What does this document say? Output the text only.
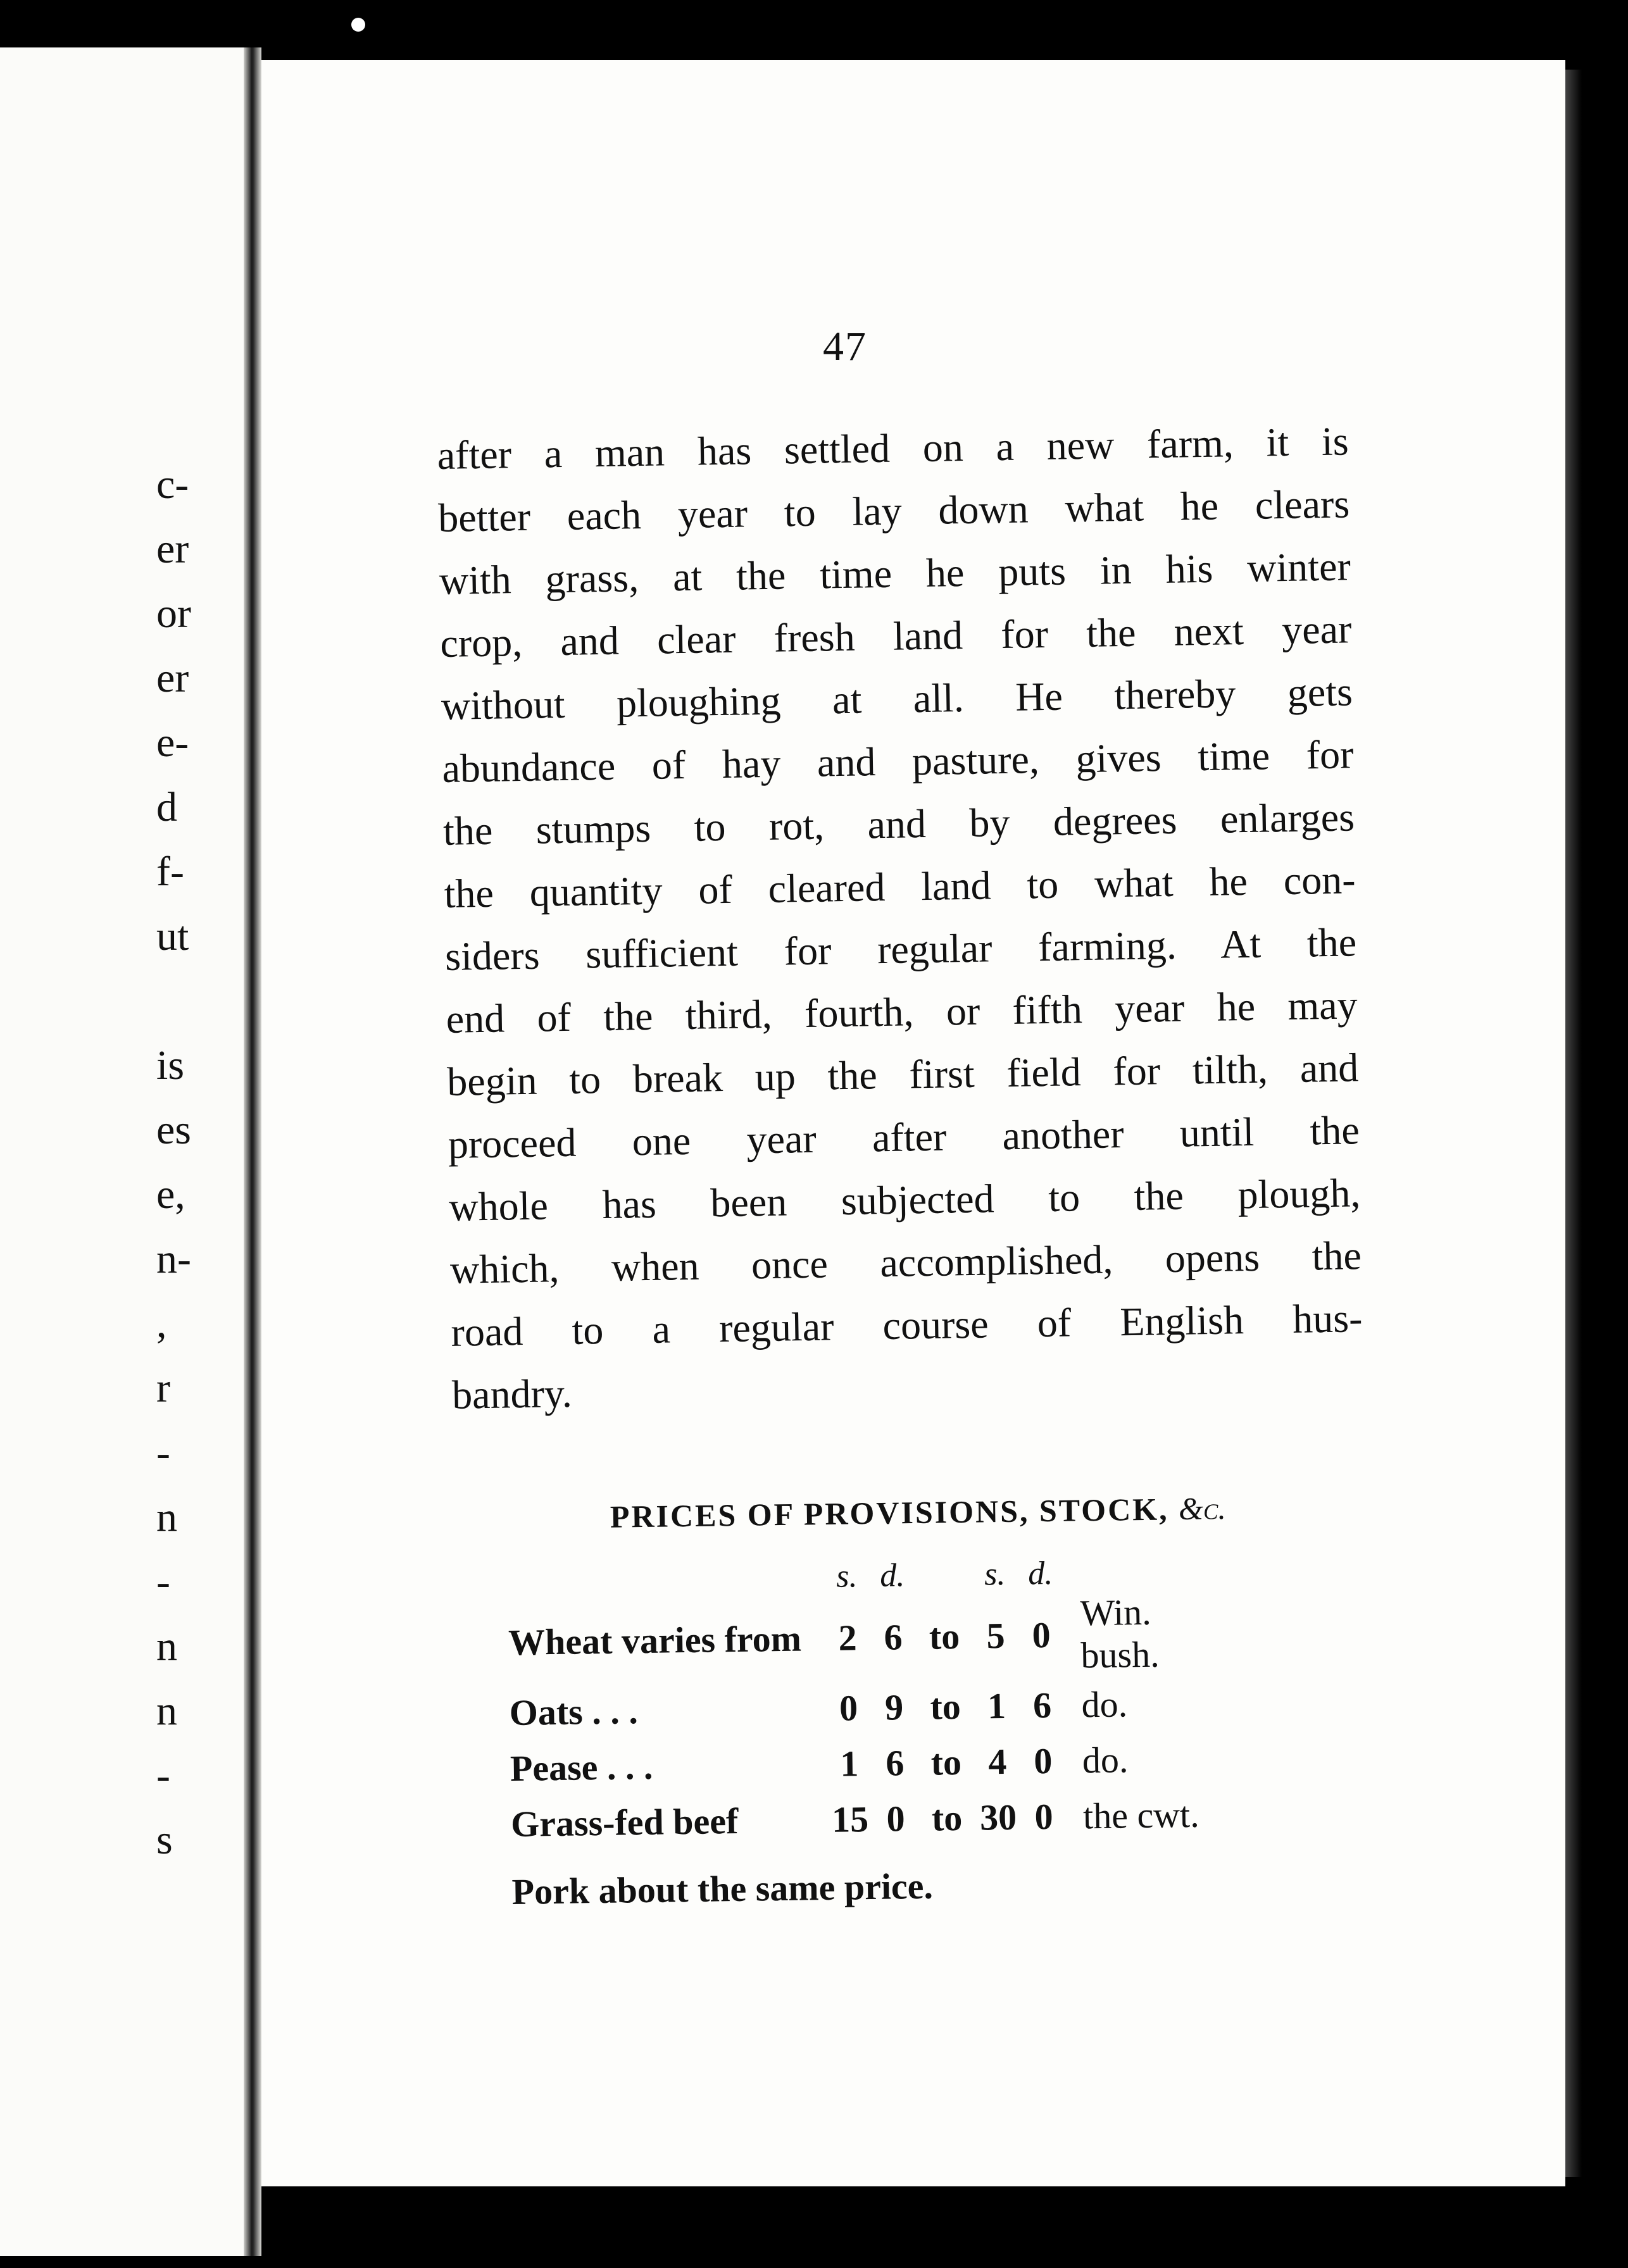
c-
er
or
er
e-
d
f-
ut
is
es
e,
n-
,
r
-
n
-
n
n
-
s
47
after a man has settled on a new farm, it is
better each year to lay down what he clears
with grass, at the time he puts in his winter
crop, and clear fresh land for the next year
without ploughing at all. He thereby gets
abundance of hay and pasture, gives time for
the stumps to rot, and by degrees enlarges
the quantity of cleared land to what he con-
siders sufficient for regular farming. At the
end of the third, fourth, or fifth year he may
begin to break up the first field for tilth, and
proceed one year after another until the
whole has been subjected to the plough,
which, when once accomplished, opens the
road to a regular course of English hus-
bandry.
PRICES OF PROVISIONS, STOCK, &c.
	s.	d.		s.	d.	
Wheat varies from	2	6	to	5	0	Win. bush.
Oats . . .	0	9	to	1	6	do.
Pease . . .	1	6	to	4	0	do.
Grass-fed beef	15	0	to	30	0	the cwt.
Pork about the same price.
